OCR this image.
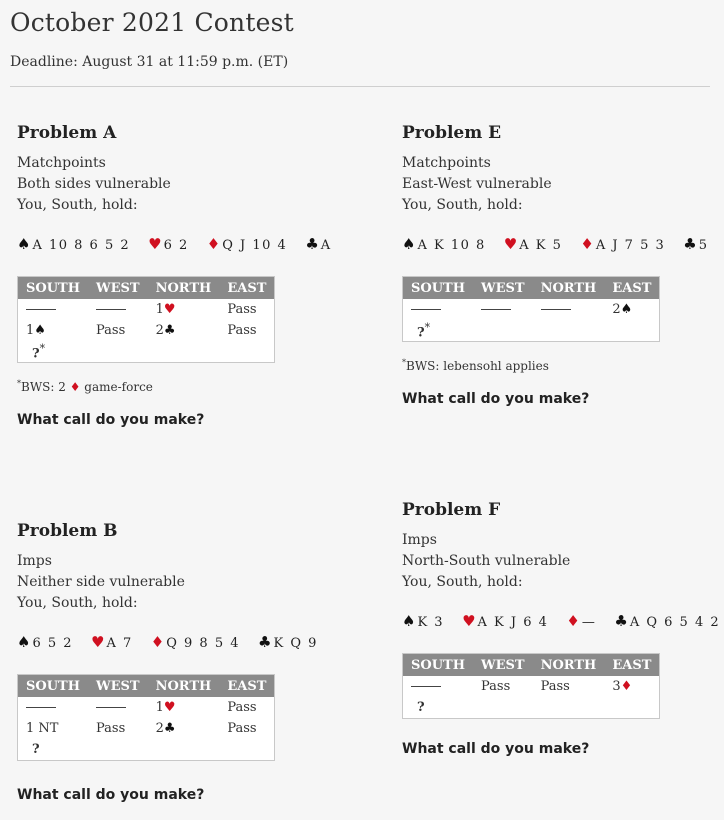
October 2021 Contest
Deadline: August 31 at 11:59 p.m. (ET)
Problem A
Matchpoints
Both sides vulnerable
You, South, hold:
♠ A 10 8 6 5 2 ♥ 6 2 ♦ Q J 10 4 ♣ A
SOUTH	WEST	NORTH	EAST
		1♥	Pass
1♠	Pass	2♣	Pass
?*			
*BWS: 2 ♦ game-force
What call do you make?
Problem E
Matchpoints
East-West vulnerable
You, South, hold:
♠ A K 10 8 ♥ A K 5 ♦ A J 7 5 3 ♣ 5
SOUTH	WEST	NORTH	EAST
			2♠
?*			
*BWS: lebensohl applies
What call do you make?
Problem B
Imps
Neither side vulnerable
You, South, hold:
♠ 6 5 2 ♥ A 7 ♦ Q 9 8 5 4 ♣ K Q 9
SOUTH	WEST	NORTH	EAST
		1♥	Pass
1 NT	Pass	2♣	Pass
?			
What call do you make?
Problem F
Imps
North-South vulnerable
You, South, hold:
♠ K 3 ♥ A K J 6 4 ♦ — ♣ A Q 6 5 4 2
SOUTH	WEST	NORTH	EAST
	Pass	Pass	3♦
?			
What call do you make?
